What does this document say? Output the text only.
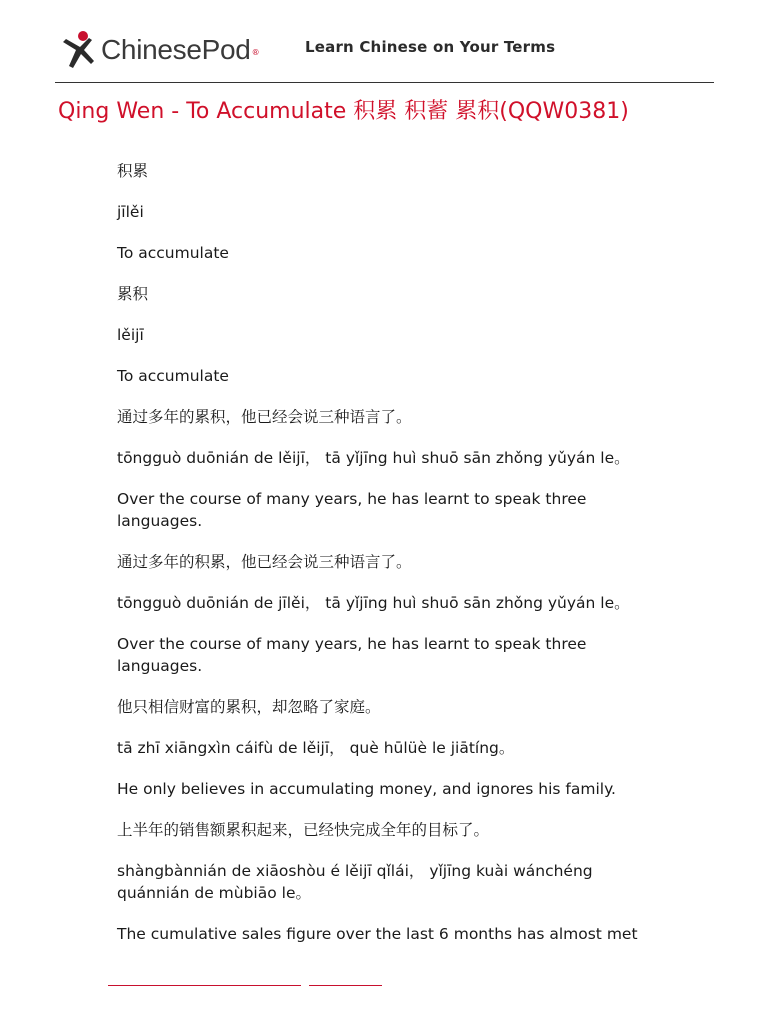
ChinesePod ®	Learn Chinese on Your Terms
Qing Wen - To Accumulate 积累 积蓄 累积(QQW0381)

积累

jīlěi

To accumulate

累积

lěijī

To accumulate

通过多年的累积，他已经会说三种语言了。

tōngguò duōnián de lěijī， tā yǐjīng huì shuō sān zhǒng yǔyán le。

Over the course of many years, he has learnt to speak three languages.

通过多年的积累，他已经会说三种语言了。

tōngguò duōnián de jīlěi， tā yǐjīng huì shuō sān zhǒng yǔyán le。

Over the course of many years, he has learnt to speak three languages.

他只相信财富的累积，却忽略了家庭。

tā zhī xiāngxìn cáifù de lěijī， què hūlüè le jiātíng。

He only believes in accumulating money, and ignores his family.

上半年的销售额累积起来，已经快完成全年的目标了。

shàngbànnián de xiāoshòu é lěijī qǐlái， yǐjīng kuài wánchéng quánnián de mùbiāo le。

The cumulative sales figure over the last 6 months has almost met
